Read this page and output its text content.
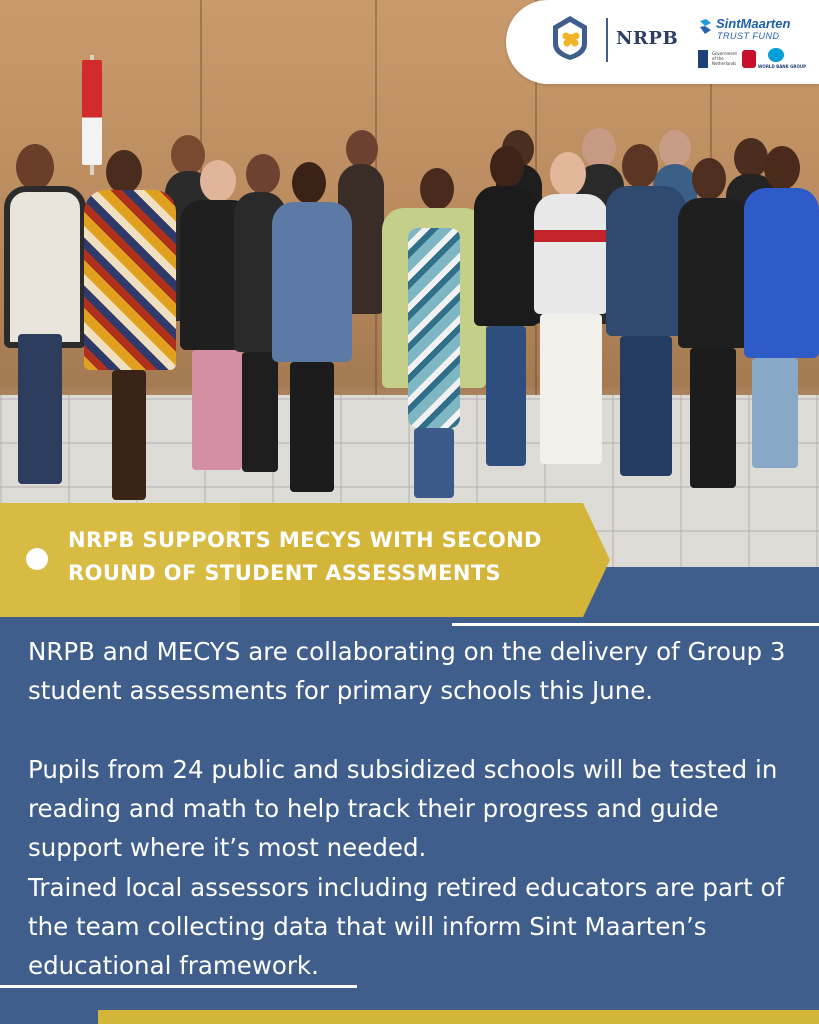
NRPB
SintMaarten
TRUST FUND
Government of the Netherlands
WORLD BANK GROUP
NRPB SUPPORTS MECYS WITH SECOND
ROUND OF STUDENT ASSESSMENTS

NRPB and MECYS are collaborating on the delivery of Group 3 student assessments for primary schools this June.

Pupils from 24 public and subsidized schools will be tested in reading and math to help track their progress and guide support where it’s most needed.

Trained local assessors including retired educators are part of the team collecting data that will inform Sint Maarten’s educational framework.
